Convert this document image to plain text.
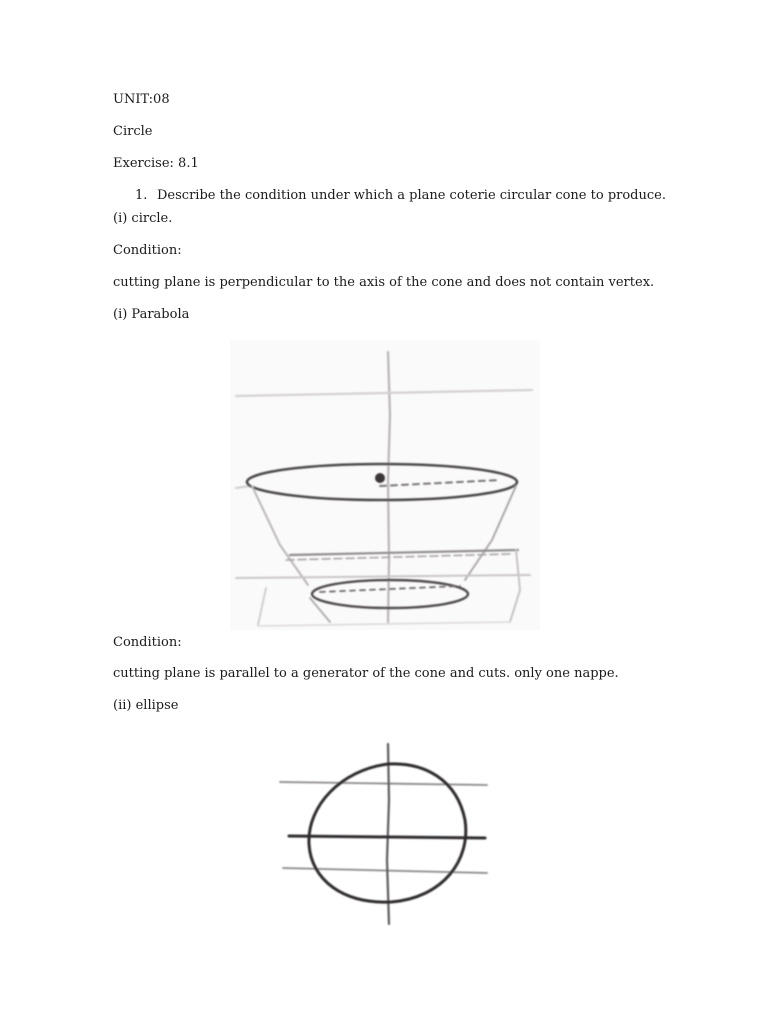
UNIT:08

Circle

Exercise: 8.1

1. Describe the condition under which a plane coterie circular cone to produce.

(i) circle.

Condition:

cutting plane is perpendicular to the axis of the cone and does not contain vertex.

(i) Parabola

Condition:

cutting plane is parallel to a generator of the cone and cuts. only one nappe.

(ii) ellipse
